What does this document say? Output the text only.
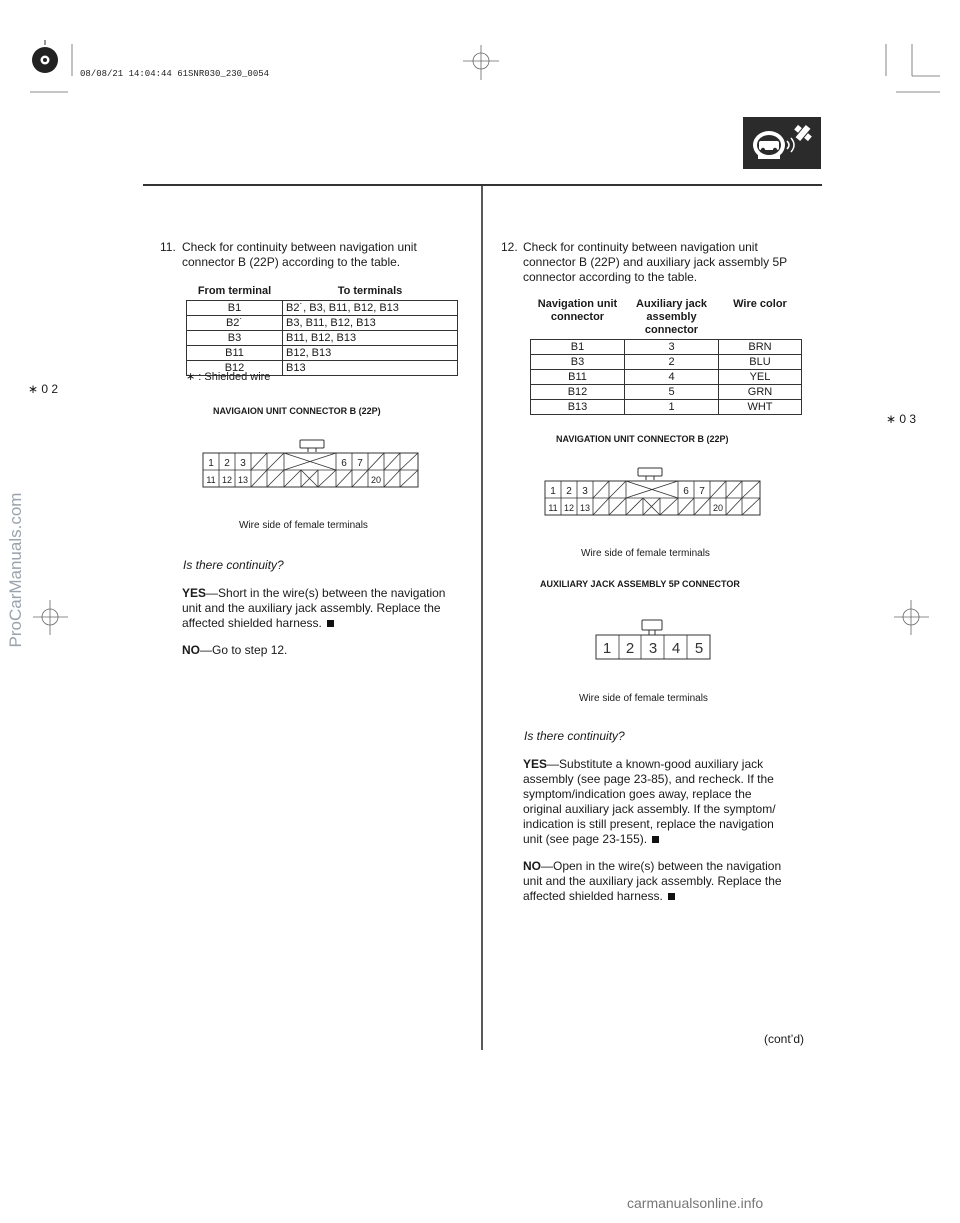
08/08/21 14:04:44 61SNR030_230_0054
∗ 0 2
∗ 0 3
11. Check for continuity between navigation unit
connector B (22P) according to the table.
From terminal	To terminals
B1	B2˙, B3, B11, B12, B13
B2˙	B3, B11, B12, B13
B3	B11, B12, B13
B11	B12, B13
B12	B13
∗ : Shielded wire
NAVIGAION UNIT CONNECTOR B (22P)
1 2 3	6 7
11 12 13	20
Wire side of female terminals
Is there continuity?
YES—Short in the wire(s) between the navigation
unit and the auxiliary jack assembly. Replace the
affected shielded harness.
NO—Go to step 12.
12. Check for continuity between navigation unit
connector B (22P) and auxiliary jack assembly 5P
connector according to the table.
Navigation unit connector	Auxiliary jack assembly connector	Wire color
B1	3	BRN
B3	2	BLU
B11	4	YEL
B12	5	GRN
B13	1	WHT
NAVIGATION UNIT CONNECTOR B (22P)
1 2 3	6 7
11 12 13	20
Wire side of female terminals
AUXILIARY JACK ASSEMBLY 5P CONNECTOR
1 2 3 4 5
Wire side of female terminals
Is there continuity?
YES—Substitute a known-good auxiliary jack
assembly (see page 23-85), and recheck. If the
symptom/indication goes away, replace the
original auxiliary jack assembly. If the symptom/
indication is still present, replace the navigation
unit (see page 23-155).
NO—Open in the wire(s) between the navigation
unit and the auxiliary jack assembly. Replace the
affected shielded harness.
(cont’d)
ProCarManuals.com
carmanualsonline.info
